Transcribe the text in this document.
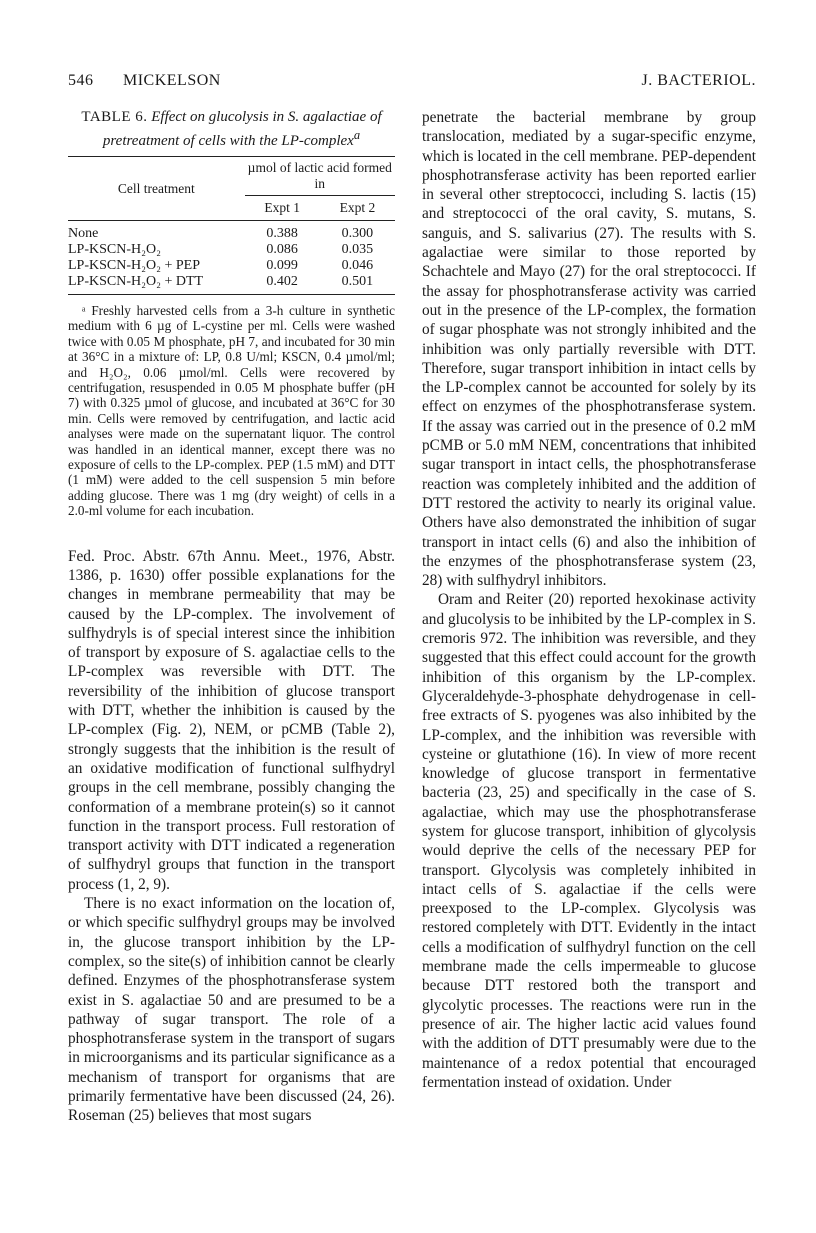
546 MICKELSON	J. BACTERIOL.
TABLE 6. Effect on glucolysis in S. agalactiae of pretreatment of cells with the LP-complex$^a$
Cell treatment	µmol of lactic acid formed in	
	Expt 1	Expt 2

None	0.388	0.300
LP-KSCN-H₂O₂	0.086	0.035
LP-KSCN-H₂O₂ + PEP	0.099	0.046
LP-KSCN-H₂O₂ + DTT	0.402	0.501
ᵃ Freshly harvested cells from a 3-h culture in synthetic medium with 6 µg of L-cystine per ml. Cells were washed twice with 0.05 M phosphate, pH 7, and incubated for 30 min at 36°C in a mixture of: LP, 0.8 U/ml; KSCN, 0.4 µmol/ml; and H₂O₂, 0.06 µmol/ml. Cells were recovered by centrifugation, resuspended in 0.05 M phosphate buffer (pH 7) with 0.325 µmol of glucose, and incubated at 36°C for 30 min. Cells were removed by centrifugation, and lactic acid analyses were made on the supernatant liquor. The control was handled in an identical manner, except there was no exposure of cells to the LP-complex. PEP (1.5 mM) and DTT (1 mM) were added to the cell suspension 5 min before adding glucose. There was 1 mg (dry weight) of cells in a 2.0-ml volume for each incubation.

Fed. Proc. Abstr. 67th Annu. Meet., 1976, Abstr. 1386, p. 1630) offer possible explanations for the changes in membrane permeability that may be caused by the LP-complex. The involvement of sulfhydryls is of special interest since the inhibition of transport by exposure of S. agalactiae cells to the LP-complex was reversible with DTT. The reversibility of the inhibition of glucose transport with DTT, whether the inhibition is caused by the LP-complex (Fig. 2), NEM, or pCMB (Table 2), strongly suggests that the inhibition is the result of an oxidative modification of functional sulfhydryl groups in the cell membrane, possibly changing the conformation of a membrane protein(s) so it cannot function in the transport process. Full restoration of transport activity with DTT indicated a regeneration of sulfhydryl groups that function in the transport process (1, 2, 9).

There is no exact information on the location of, or which specific sulfhydryl groups may be involved in, the glucose transport inhibition by the LP-complex, so the site(s) of inhibition cannot be clearly defined. Enzymes of the phosphotransferase system exist in S. agalactiae 50 and are presumed to be a pathway of sugar transport. The role of a phosphotransferase system in the transport of sugars in microorganisms and its particular significance as a mechanism of transport for organisms that are primarily fermentative have been discussed (24, 26). Roseman (25) believes that most sugars

penetrate the bacterial membrane by group translocation, mediated by a sugar-specific enzyme, which is located in the cell membrane. PEP-dependent phosphotransferase activity has been reported earlier in several other streptococci, including S. lactis (15) and streptococci of the oral cavity, S. mutans, S. sanguis, and S. salivarius (27). The results with S. agalactiae were similar to those reported by Schachtele and Mayo (27) for the oral streptococci. If the assay for phosphotransferase activity was carried out in the presence of the LP-complex, the formation of sugar phosphate was not strongly inhibited and the inhibition was only partially reversible with DTT. Therefore, sugar transport inhibition in intact cells by the LP-complex cannot be accounted for solely by its effect on enzymes of the phosphotransferase system. If the assay was carried out in the presence of 0.2 mM pCMB or 5.0 mM NEM, concentrations that inhibited sugar transport in intact cells, the phosphotransferase reaction was completely inhibited and the addition of DTT restored the activity to nearly its original value. Others have also demonstrated the inhibition of sugar transport in intact cells (6) and also the inhibition of the enzymes of the phosphotransferase system (23, 28) with sulfhydryl inhibitors.

Oram and Reiter (20) reported hexokinase activity and glucolysis to be inhibited by the LP-complex in S. cremoris 972. The inhibition was reversible, and they suggested that this effect could account for the growth inhibition of this organism by the LP-complex. Glyceraldehyde-3-phosphate dehydrogenase in cell-free extracts of S. pyogenes was also inhibited by the LP-complex, and the inhibition was reversible with cysteine or glutathione (16). In view of more recent knowledge of glucose transport in fermentative bacteria (23, 25) and specifically in the case of S. agalactiae, which may use the phosphotransferase system for glucose transport, inhibition of glycolysis would deprive the cells of the necessary PEP for transport. Glycolysis was completely inhibited in intact cells of S. agalactiae if the cells were preexposed to the LP-complex. Glycolysis was restored completely with DTT. Evidently in the intact cells a modification of sulfhydryl function on the cell membrane made the cells impermeable to glucose because DTT restored both the transport and glycolytic processes. The reactions were run in the presence of air. The higher lactic acid values found with the addition of DTT presumably were due to the maintenance of a redox potential that encouraged fermentation instead of oxidation. Under
